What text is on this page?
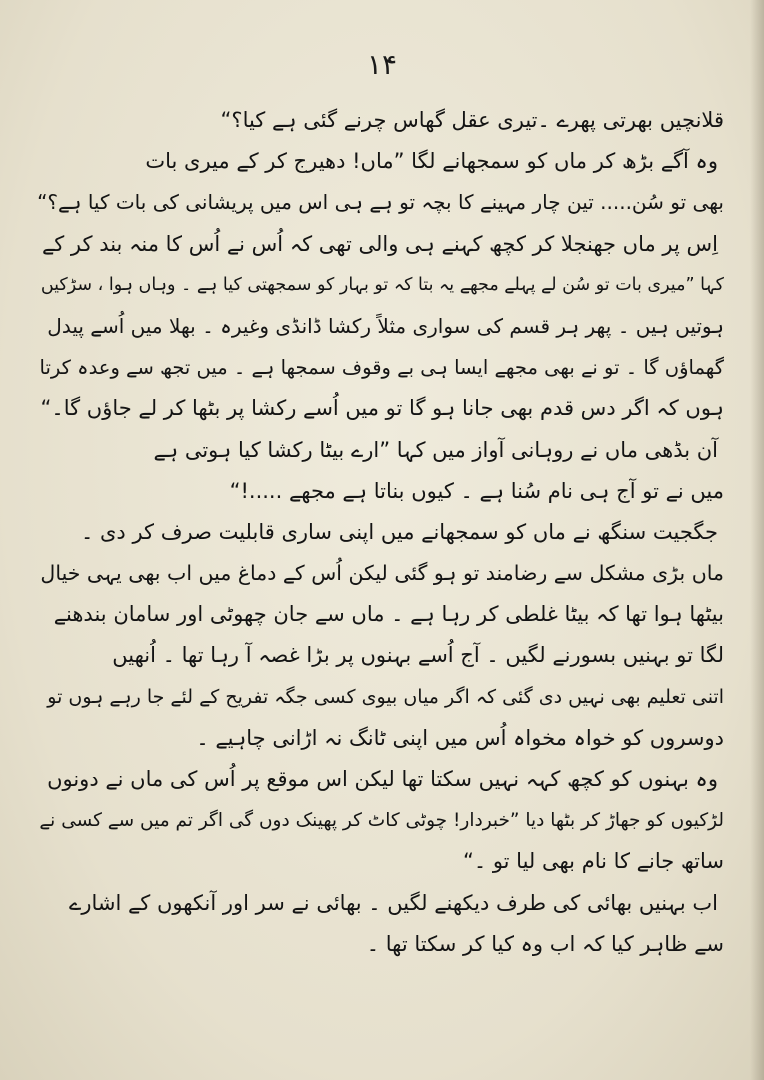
۱۴
قلانچیں بھرتی پھرے ۔تیری عقل گھاس چرنے گئی ہے کیا؟“
وہ آگے بڑھ کر ماں کو سمجھانے لگا ”ماں! دھیرج کر کے میری بات
بھی تو سُن..... تین چار مہینے کا بچہ تو ہے ہی اس میں پریشانی کی بات کیا ہے؟“
اِس پر ماں جھنجلا کر کچھ کہنے ہی والی تھی کہ اُس نے اُس کا منہ بند کر کے
کہا ”میری بات تو سُن لے پہلے مجھے یہ بتا کہ تو بہار کو سمجھتی کیا ہے ۔ وہاں ہوا ، سڑکیں
ہوتیں ہیں ۔ پھر ہر قسم کی سواری مثلاً رکشا ڈانڈی وغیرہ ۔ بھلا میں اُسے پیدل
گھماؤں گا ۔ تو نے بھی مجھے ایسا ہی بے وقوف سمجھا ہے ۔ میں تجھ سے وعدہ کرتا
ہوں کہ اگر دس قدم بھی جانا ہو گا تو میں اُسے رکشا پر بٹھا کر لے جاؤں گا۔“
آن بڈھی ماں نے روہانی آواز میں کہا ”ارے بیٹا رکشا کیا ہوتی ہے
میں نے تو آج ہی نام سُنا ہے ۔ کیوں بناتا ہے مجھے .....!“
جگجیت سنگھ نے ماں کو سمجھانے میں اپنی ساری قابلیت صرف کر دی ۔
ماں بڑی مشکل سے رضامند تو ہو گئی لیکن اُس کے دماغ میں اب بھی یہی خیال
بیٹھا ہوا تھا کہ بیٹا غلطی کر رہا ہے ۔ ماں سے جان چھوٹی اور سامان بندھنے
لگا تو بہنیں بسورنے لگیں ۔ آج اُسے بہنوں پر بڑا غصہ آ رہا تھا ۔ اُنھیں
اتنی تعلیم بھی نہیں دی گئی کہ اگر میاں بیوی کسی جگہ تفریح کے لئے جا رہے ہوں تو
دوسروں کو خواہ مخواہ اُس میں اپنی ٹانگ نہ اڑانی چاہیے ۔
وہ بہنوں کو کچھ کہہ نہیں سکتا تھا لیکن اس موقع پر اُس کی ماں نے دونوں
لڑکیوں کو جھاڑ کر بٹھا دیا ”خبردار! چوٹی کاٹ کر پھینک دوں گی اگر تم میں سے کسی نے
ساتھ جانے کا نام بھی لیا تو ۔“
اب بہنیں بھائی کی طرف دیکھنے لگیں ۔ بھائی نے سر اور آنکھوں کے اشارے
سے ظاہر کیا کہ اب وہ کیا کر سکتا تھا ۔
